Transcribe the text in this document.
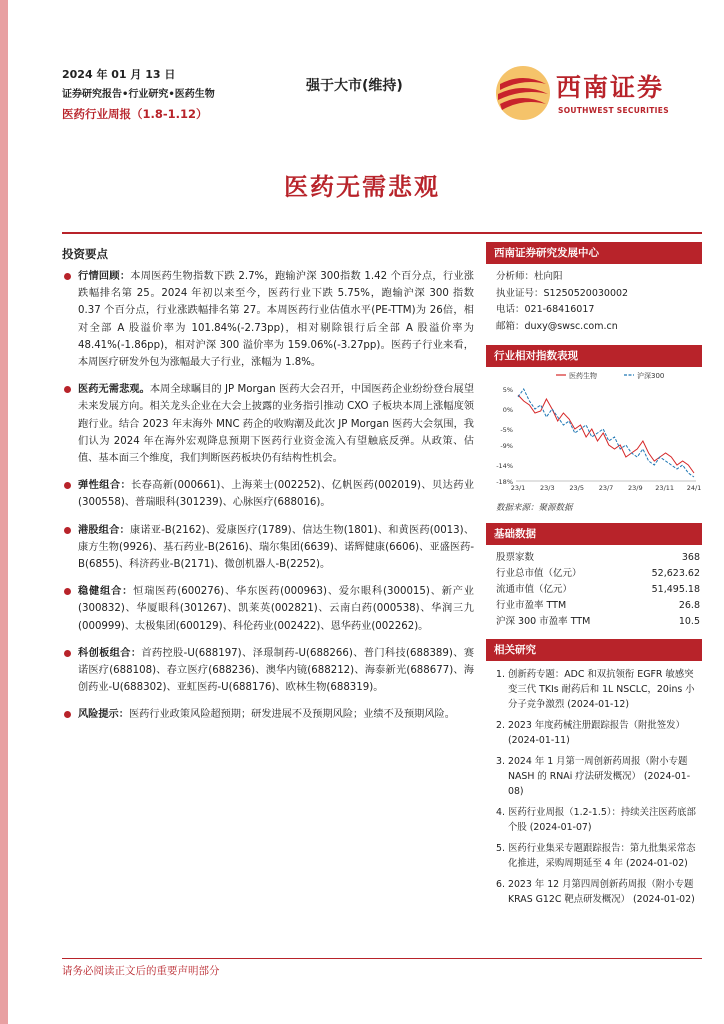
2024 年 01 月 13 日
证券研究报告•行业研究•医药生物
医药行业周报（1.8-1.12）
强于大市(维持)	西南证券
SOUTHWEST SECURITIES
医药无需悲观
投资要点
行情回顾：本周医药生物指数下跌 2.7%，跑输沪深 300指数 1.42 个百分点，行业涨跌幅排名第 25。2024 年初以来至今，医药行业下跌 5.75%，跑输沪深 300 指数 0.37 个百分点，行业涨跌幅排名第 27。本周医药行业估值水平(PE-TTM)为 26倍，相对全部 A 股溢价率为 101.84%(-2.73pp)，相对剔除银行后全部 A 股溢价率为 48.41%(-1.86pp)，相对沪深 300 溢价率为 159.06%(-3.27pp)。医药子行业来看，本周医疗研发外包为涨幅最大子行业，涨幅为 1.8%。
医药无需悲观。本周全球瞩目的 JP Morgan 医药大会召开，中国医药企业纷纷登台展望未来发展方向。相关龙头企业在大会上披露的业务指引推动 CXO 子板块本周上涨幅度领跑行业。结合 2023 年末海外 MNC 药企的收购潮及此次 JP Morgan 医药大会氛围，我们认为 2024 年在海外宏观降息预期下医药行业资金流入有望触底反弹。从政策、估值、基本面三个维度，我们判断医药板块仍有结构性机会。
弹性组合：长春高新(000661)、上海莱士(002252)、亿帆医药(002019)、贝达药业(300558)、普瑞眼科(301239)、心脉医疗(688016)。
港股组合：康诺亚-B(2162)、爱康医疗(1789)、信达生物(1801)、和黄医药(0013)、康方生物(9926)、基石药业-B(2616)、瑞尔集团(6639)、诺辉健康(6606)、亚盛医药-B(6855)、科济药业-B(2171)、微创机器人-B(2252)。
稳健组合：恒瑞医药(600276)、华东医药(000963)、爱尔眼科(300015)、新产业(300832)、华厦眼科(301267)、凯莱英(002821)、云南白药(000538)、华润三九(000999)、太极集团(600129)、科伦药业(002422)、恩华药业(002262)。
科创板组合：首药控股-U(688197)、泽璟制药-U(688266)、普门科技(688389)、赛诺医疗(688108)、春立医疗(688236)、澳华内镜(688212)、海泰新光(688677)、海创药业-U(688302)、亚虹医药-U(688176)、欧林生物(688319)。
风险提示：医药行业政策风险超预期；研发进展不及预期风险；业绩不及预期风险。
西南证券研究发展中心
分析师：杜向阳
执业证号：S1250520030002
电话：021-68416017
邮箱：duxy@swsc.com.cn
行业相对指数表现
5%
0%
-5%
-9%
-14%
-18%
23/1 23/3 23/5 23/7 23/9 23/11 24/1
医药生物	沪深300
数据来源：聚源数据
基础数据
股票家数	368
行业总市值（亿元）	52,623.62
流通市值（亿元）	51,495.18
行业市盈率 TTM	26.8
沪深 300 市盈率 TTM	10.5
相关研究
1. 创新药专题：ADC 和双抗领衔 EGFR 敏感突变三代 TKIs 耐药后和 1L NSCLC，20ins 小分子竞争激烈 (2024-01-12)
2. 2023 年度药械注册跟踪报告（附批签发） (2024-01-11)
3. 2024 年 1 月第一周创新药周报（附小专题 NASH 的 RNAi 疗法研发概况） (2024-01-08)
4. 医药行业周报（1.2-1.5）：持续关注医药底部个股 (2024-01-07)
5. 医药行业集采专题跟踪报告：第九批集采常态化推进，采购周期延至 4 年 (2024-01-02)
6. 2023 年 12 月第四周创新药周报（附小专题 KRAS G12C 靶点研发概况） (2024-01-02)
请务必阅读正文后的重要声明部分
